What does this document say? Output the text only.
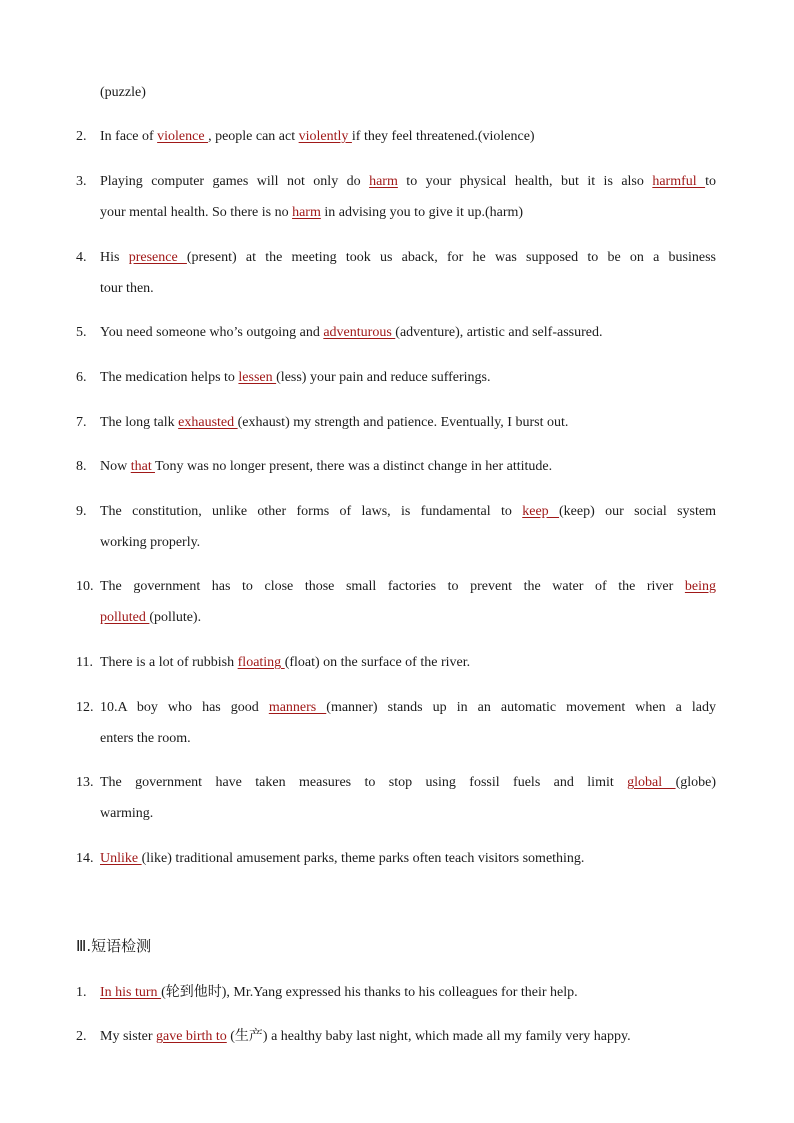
(puzzle)
2. In face of violence , people can act violently if they feel threatened.(violence)
3. Playing computer games will not only do harm to your physical health, but it is also harmful to
your mental health. So there is no harm in advising you to give it up.(harm)
4. His presence (present) at the meeting took us aback, for he was supposed to be on a business
tour then.
5. You need someone who’s outgoing and adventurous (adventure), artistic and self-assured.
6. The medication helps to lessen (less) your pain and reduce sufferings.
7. The long talk exhausted (exhaust) my strength and patience. Eventually, I burst out.
8. Now that Tony was no longer present, there was a distinct change in her attitude.
9. The constitution, unlike other forms of laws, is fundamental to keep (keep) our social system
working properly.
10. The government has to close those small factories to prevent the water of the river being
polluted (pollute).
11. There is a lot of rubbish floating (float) on the surface of the river.
12. 10.A boy who has good manners (manner) stands up in an automatic movement when a lady
enters the room.
13. The government have taken measures to stop using fossil fuels and limit global (globe)
warming.
14. Unlike (like) traditional amusement parks, theme parks often teach visitors something.
Ⅲ.短语检测
1. In his turn (轮到他时), Mr.Yang expressed his thanks to his colleagues for their help.
2. My sister gave birth to (生产) a healthy baby last night, which made all my family very happy.
